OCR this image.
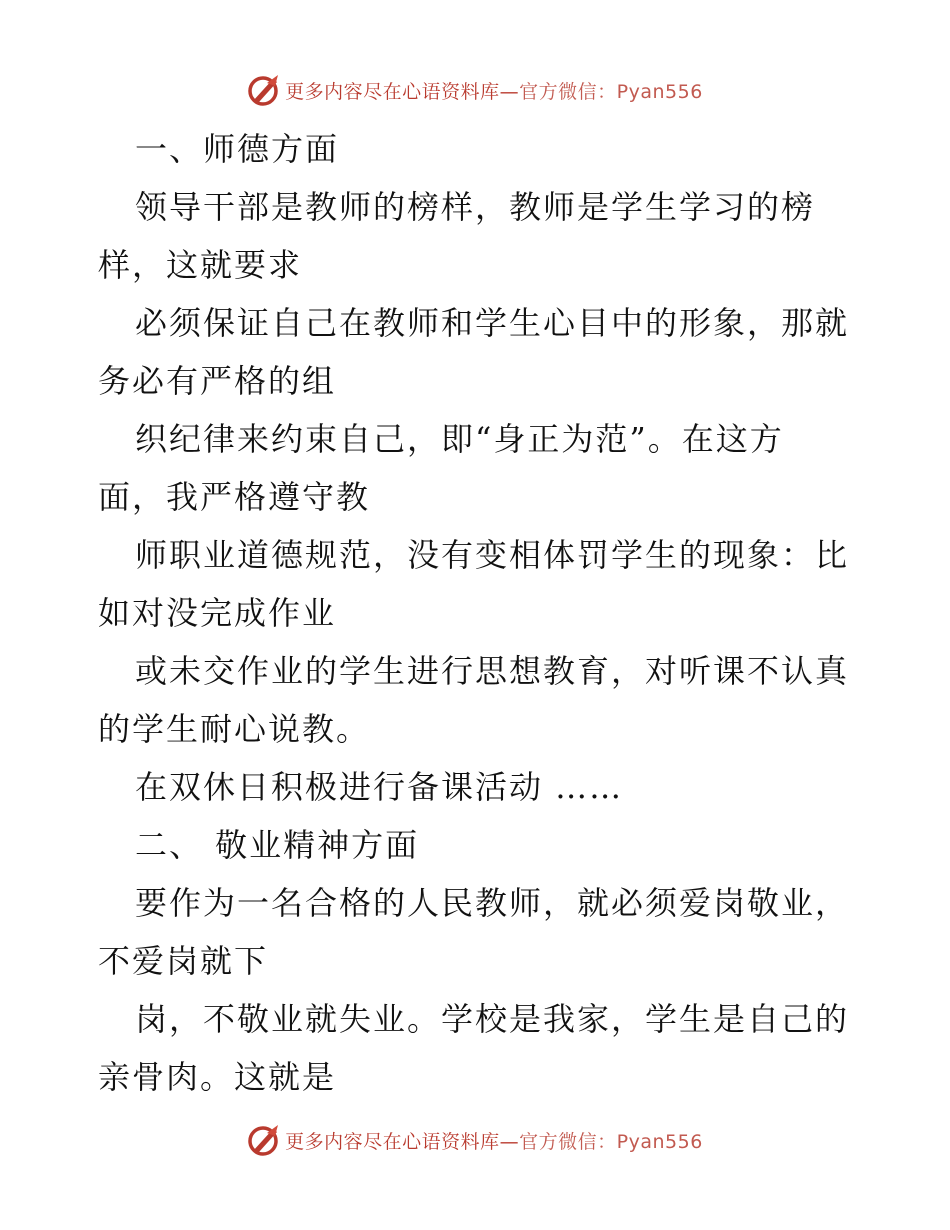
更多内容尽在心语资料库—官方微信：Pyan556

一、师德方面

领导干部是教师的榜样，教师是学生学习的榜
样，这就要求

必须保证自己在教师和学生心目中的形象，那就
务必有严格的组

织纪律来约束自己，即“身正为范”。在这方
面，我严格遵守教

师职业道德规范，没有变相体罚学生的现象：比
如对没完成作业

或未交作业的学生进行思想教育，对听课不认真
的学生耐心说教。

在双休日积极进行备课活动 ……

二、 敬业精神方面

要作为一名合格的人民教师，就必须爱岗敬业，
不爱岗就下

岗，不敬业就失业。学校是我家，学生是自己的
亲骨肉。这就是

更多内容尽在心语资料库—官方微信：Pyan556
